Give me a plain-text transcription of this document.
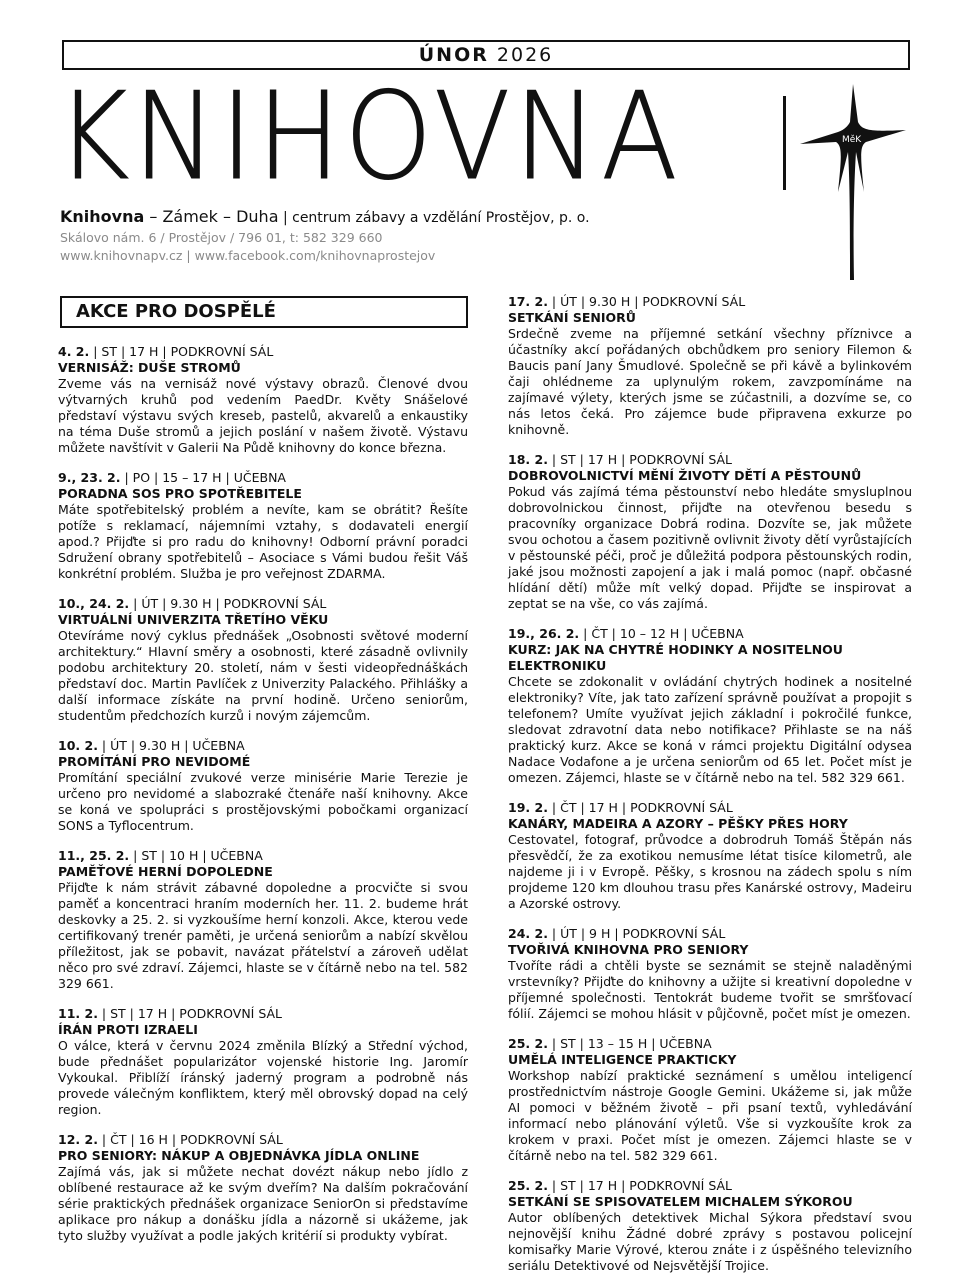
ÚNOR 2026
KNIHOVNA	MěK
Knihovna – Zámek – Duha | centrum zábavy a vzdělání Prostějov, p. o.
Skálovo nám. 6 / Prostějov / 796 01, t: 582 329 660
www.knihovnapv.cz | www.facebook.com/knihovnaprostejov
AKCE PRO DOSPĚLÉ
4. 2. | ST | 17 H | PODKROVNÍ SÁL
VERNISÁŽ: DUŠE STROMŮ
Zveme vás na vernisáž nové výstavy obrazů. Členové dvou výtvarných kruhů pod vedením PaedDr. Květy Snášelové představí výstavu svých kreseb, pastelů, akvarelů a enkaustiky na téma Duše stromů a jejich poslání v našem životě. Výstavu můžete navštívit v Galerii Na Půdě knihovny do konce března.
9., 23. 2. | PO | 15 – 17 H | UČEBNA
PORADNA SOS PRO SPOTŘEBITELE
Máte spotřebitelský problém a nevíte, kam se obrátit? Řešíte potíže s reklamací, nájemními vztahy, s dodavateli energií apod.? Přijďte si pro radu do knihovny! Odborní právní poradci Sdružení obrany spotřebitelů – Asociace s Vámi budou řešit Váš konkrétní problém. Služba je pro veřejnost ZDARMA.
10., 24. 2. | ÚT | 9.30 H | PODKROVNÍ SÁL
VIRTUÁLNÍ UNIVERZITA TŘETÍHO VĚKU
Otevíráme nový cyklus přednášek „Osobnosti světové moderní architektury.“ Hlavní směry a osobnosti, které zásadně ovlivnily podobu architektury 20. století, nám v šesti videopřednáškách představí doc. Martin Pavlíček z Univerzity Palackého. Přihlášky a další informace získáte na první hodině. Určeno seniorům, studentům předchozích kurzů i novým zájemcům.
10. 2. | ÚT | 9.30 H | UČEBNA
PROMÍTÁNÍ PRO NEVIDOMÉ
Promítání speciální zvukové verze minisérie Marie Terezie je určeno pro nevidomé a slabozraké čtenáře naší knihovny. Akce se koná ve spolupráci s prostějovskými pobočkami organizací SONS a Tyflocentrum.
11., 25. 2. | ST | 10 H | UČEBNA
PAMĚŤOVÉ HERNÍ DOPOLEDNE
Přijďte k nám strávit zábavné dopoledne a procvičte si svou paměť a koncentraci hraním moderních her. 11. 2. budeme hrát deskovky a 25. 2. si vyzkoušíme herní konzoli. Akce, kterou vede certifikovaný trenér paměti, je určená seniorům a nabízí skvělou příležitost, jak se pobavit, navázat přátelství a zároveň udělat něco pro své zdraví. Zájemci, hlaste se v čítárně nebo na tel. 582 329 661.
11. 2. | ST | 17 H | PODKROVNÍ SÁL
ÍRÁN PROTI IZRAELI
O válce, která v červnu 2024 změnila Blízký a Střední východ, bude přednášet popularizátor vojenské historie Ing. Jaromír Vykoukal. Přiblíží íránský jaderný program a podrobně nás provede válečným konfliktem, který měl obrovský dopad na celý region.
12. 2. | ČT | 16 H | PODKROVNÍ SÁL
PRO SENIORY: NÁKUP A OBJEDNÁVKA JÍDLA ONLINE
Zajímá vás, jak si můžete nechat dovézt nákup nebo jídlo z oblíbené restaurace až ke svým dveřím? Na dalším pokračování série praktických přednášek organizace SeniorOn si představíme aplikace pro nákup a donášku jídla a názorně si ukážeme, jak tyto služby využívat a podle jakých kritérií si produkty vybírat.
17. 2. | ÚT | 9.30 H | PODKROVNÍ SÁL
SETKÁNÍ SENIORŮ
Srdečně zveme na příjemné setkání všechny příznivce a účastníky akcí pořádaných obchůdkem pro seniory Filemon & Baucis paní Jany Šmudlové. Společně se při kávě a bylinkovém čaji ohlédneme za uplynulým rokem, zavzpomínáme na zajímavé výlety, kterých jsme se zúčastnili, a dozvíme se, co nás letos čeká. Pro zájemce bude připravena exkurze po knihovně.
18. 2. | ST | 17 H | PODKROVNÍ SÁL
DOBROVOLNICTVÍ MĚNÍ ŽIVOTY DĚTÍ A PĚSTOUNŮ
Pokud vás zajímá téma pěstounství nebo hledáte smysluplnou dobrovolnickou činnost, přijďte na otevřenou besedu s pracovníky organizace Dobrá rodina. Dozvíte se, jak můžete svou ochotou a časem pozitivně ovlivnit životy dětí vyrůstajících v pěstounské péči, proč je důležitá podpora pěstounských rodin, jaké jsou možnosti zapojení a jak i malá pomoc (např. občasné hlídání dětí) může mít velký dopad. Přijďte se inspirovat a zeptat se na vše, co vás zajímá.
19., 26. 2. | ČT | 10 – 12 H | UČEBNA
KURZ: JAK NA CHYTRÉ HODINKY A NOSITELNOU ELEKTRONIKU
Chcete se zdokonalit v ovládání chytrých hodinek a nositelné elektroniky? Víte, jak tato zařízení správně používat a propojit s telefonem? Umíte využívat jejich základní i pokročilé funkce, sledovat zdravotní data nebo notifikace? Přihlaste se na náš praktický kurz. Akce se koná v rámci projektu Digitální odysea Nadace Vodafone a je určena seniorům od 65 let. Počet míst je omezen. Zájemci, hlaste se v čítárně nebo na tel. 582 329 661.
19. 2. | ČT | 17 H | PODKROVNÍ SÁL
KANÁRY, MADEIRA A AZORY – PĚŠKY PŘES HORY
Cestovatel, fotograf, průvodce a dobrodruh Tomáš Štěpán nás přesvědčí, že za exotikou nemusíme létat tisíce kilometrů, ale najdeme ji i v Evropě. Pěšky, s krosnou na zádech spolu s ním projdeme 120 km dlouhou trasu přes Kanárské ostrovy, Madeiru a Azorské ostrovy.
24. 2. | ÚT | 9 H | PODKROVNÍ SÁL
TVOŘIVÁ KNIHOVNA PRO SENIORY
Tvoříte rádi a chtěli byste se seznámit se stejně naladěnými vrstevníky? Přijďte do knihovny a užijte si kreativní dopoledne v příjemné společnosti. Tentokrát budeme tvořit se smršťovací fólií. Zájemci se mohou hlásit v půjčovně, počet míst je omezen.
25. 2. | ST | 13 – 15 H | UČEBNA
UMĚLÁ INTELIGENCE PRAKTICKY
Workshop nabízí praktické seznámení s umělou inteligencí prostřednictvím nástroje Google Gemini. Ukážeme si, jak může AI pomoci v běžném životě – při psaní textů, vyhledávání informací nebo plánování výletů. Vše si vyzkoušíte krok za krokem v praxi. Počet míst je omezen. Zájemci hlaste se v čítárně nebo na tel. 582 329 661.
25. 2. | ST | 17 H | PODKROVNÍ SÁL
SETKÁNÍ SE SPISOVATELEM MICHALEM SÝKOROU
Autor oblíbených detektivek Michal Sýkora představí svou nejnovější knihu Žádné dobré zprávy s postavou policejní komisařky Marie Výrové, kterou znáte i z úspěšného televizního seriálu Detektivové od Nejsvětější Trojice.
